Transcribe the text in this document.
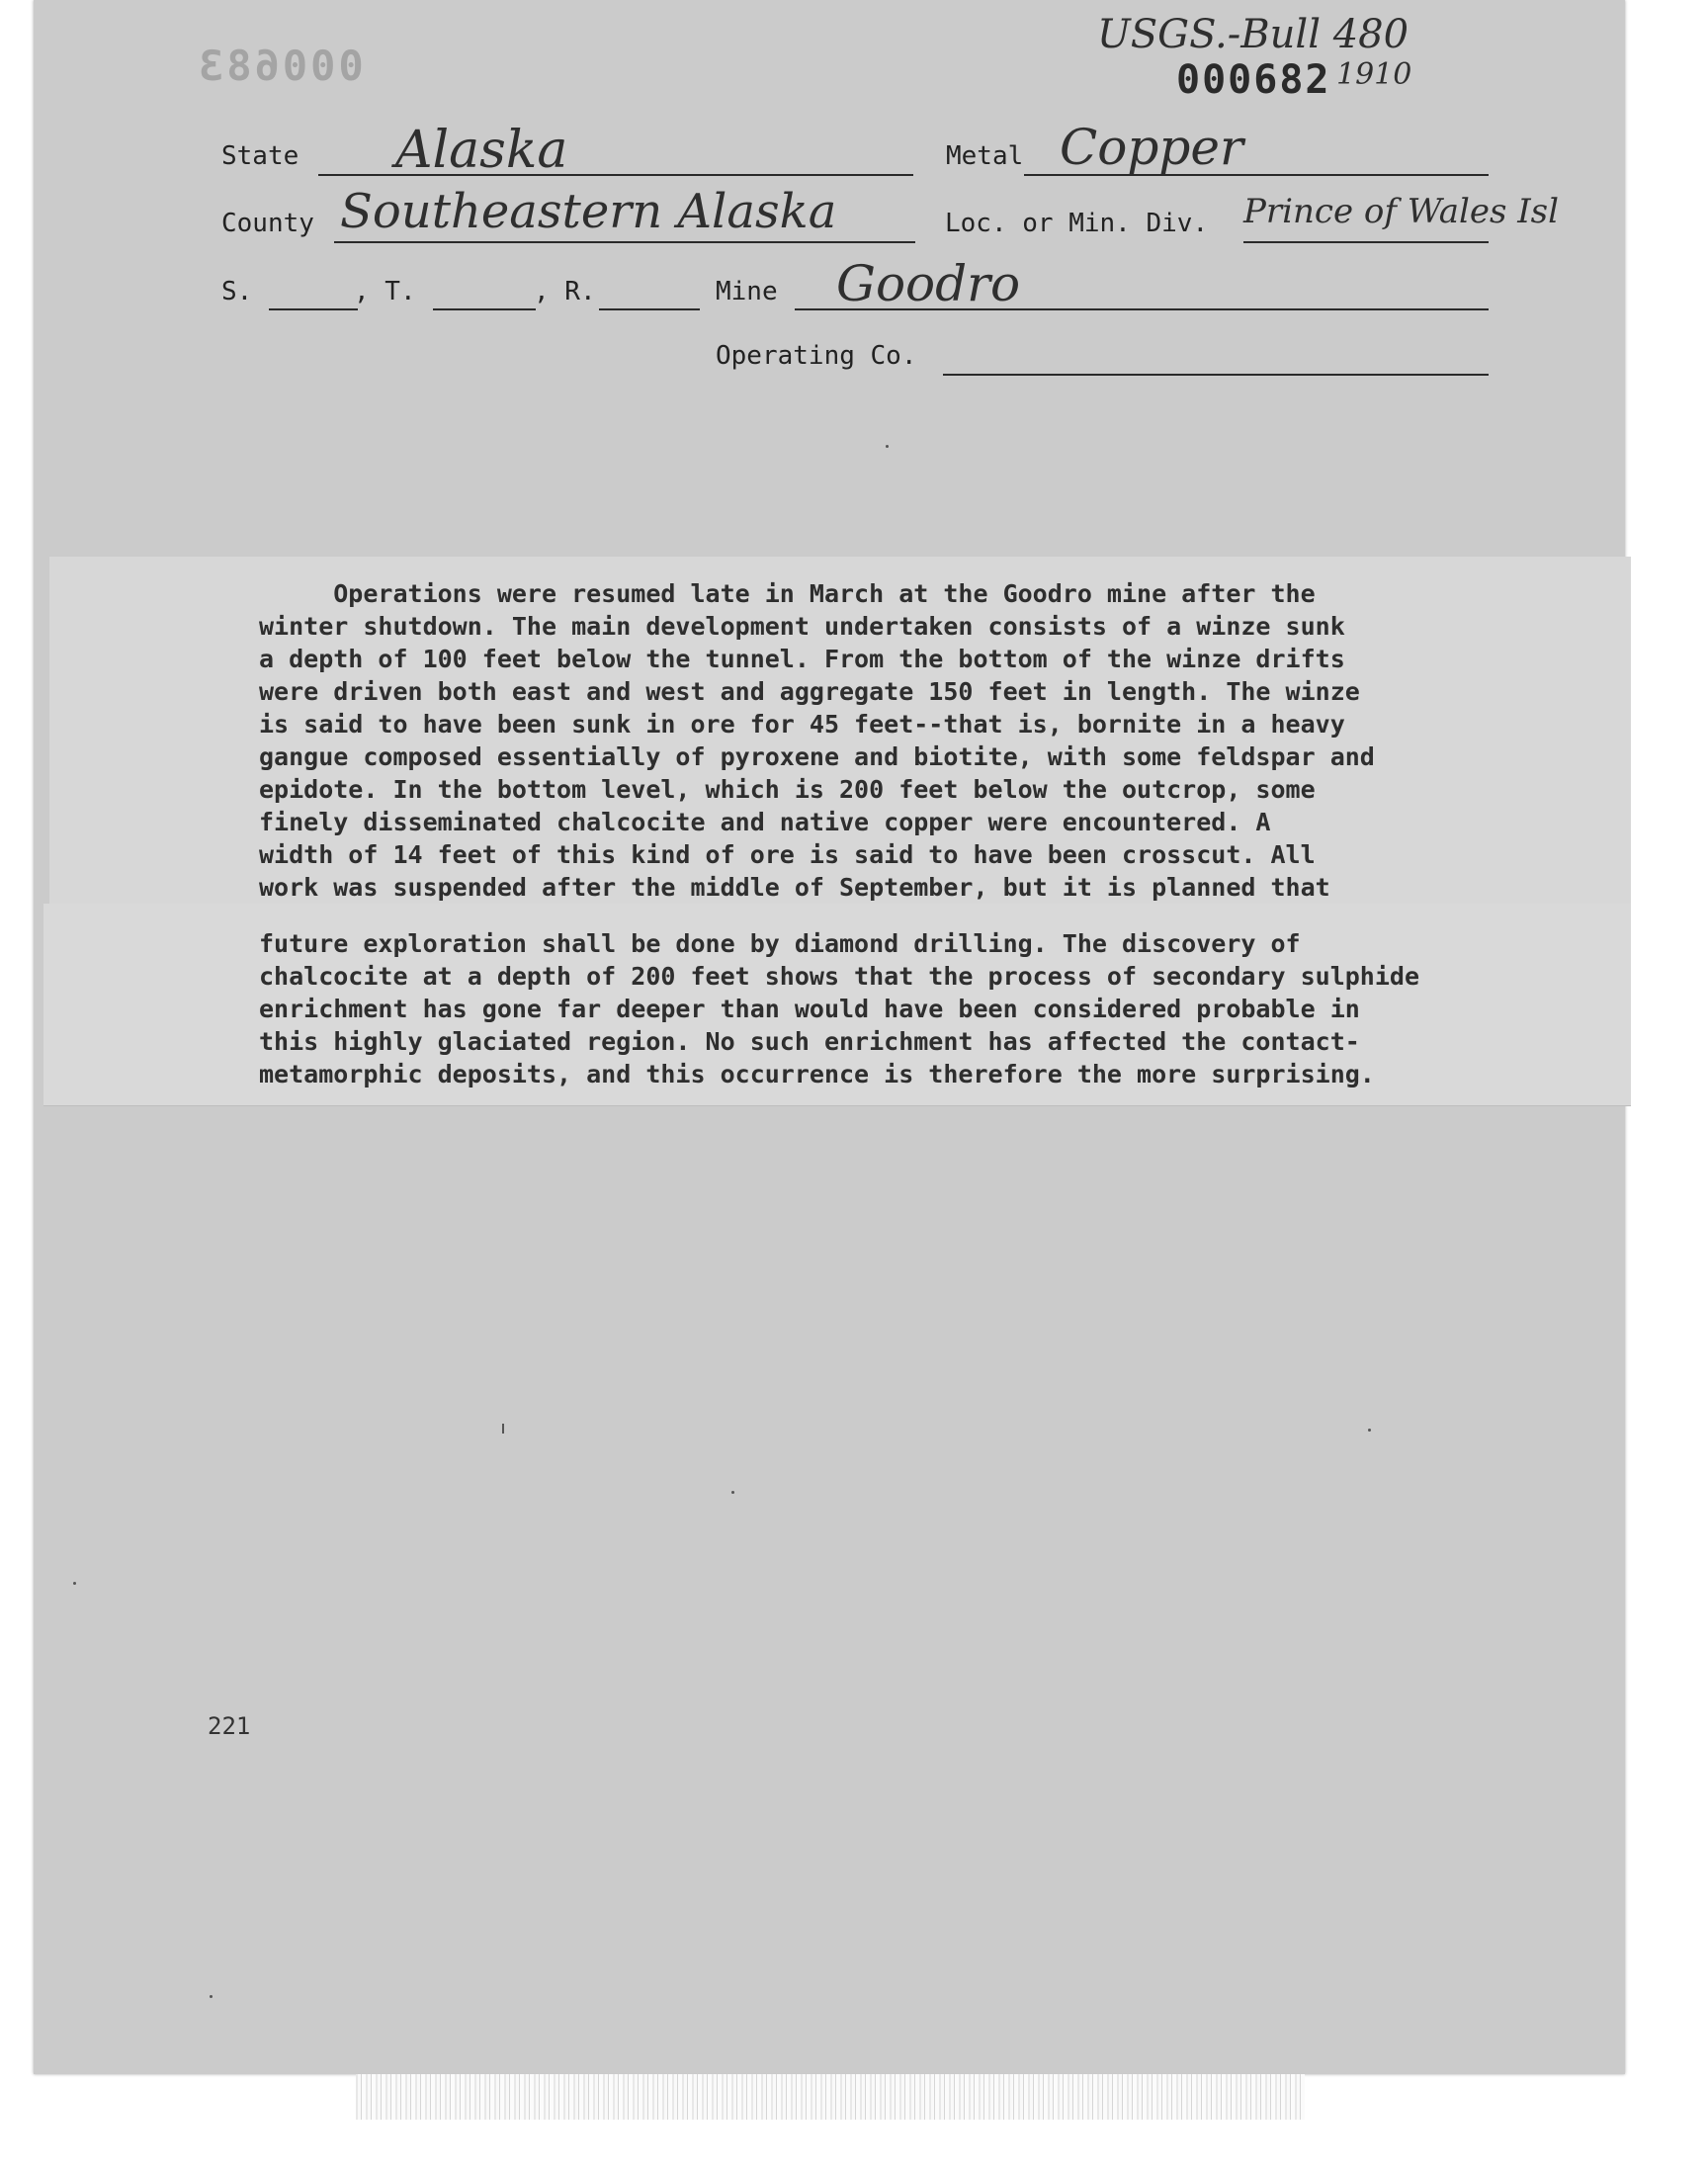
000683	000682
USGS.-Bull 480
1910
State Alaska	Metal Copper
County Southeastern Alaska	Loc. or Min. Div. Prince of Wales Isl
S.	, T.	, R.	Mine Goodro
Operating Co.
Operations were resumed late in March at the Goodro mine after the
winter shutdown. The main development undertaken consists of a winze sunk
a depth of 100 feet below the tunnel. From the bottom of the winze drifts
were driven both east and west and aggregate 150 feet in length. The winze
is said to have been sunk in ore for 45 feet--that is, bornite in a heavy
gangue composed essentially of pyroxene and biotite, with some feldspar and
epidote. In the bottom level, which is 200 feet below the outcrop, some
finely disseminated chalcocite and native copper were encountered. A
width of 14 feet of this kind of ore is said to have been crosscut. All
work was suspended after the middle of September, but it is planned that
future exploration shall be done by diamond drilling. The discovery of
chalcocite at a depth of 200 feet shows that the process of secondary sulphide
enrichment has gone far deeper than would have been considered probable in
this highly glaciated region. No such enrichment has affected the contact-
metamorphic deposits, and this occurrence is therefore the more surprising.
221
